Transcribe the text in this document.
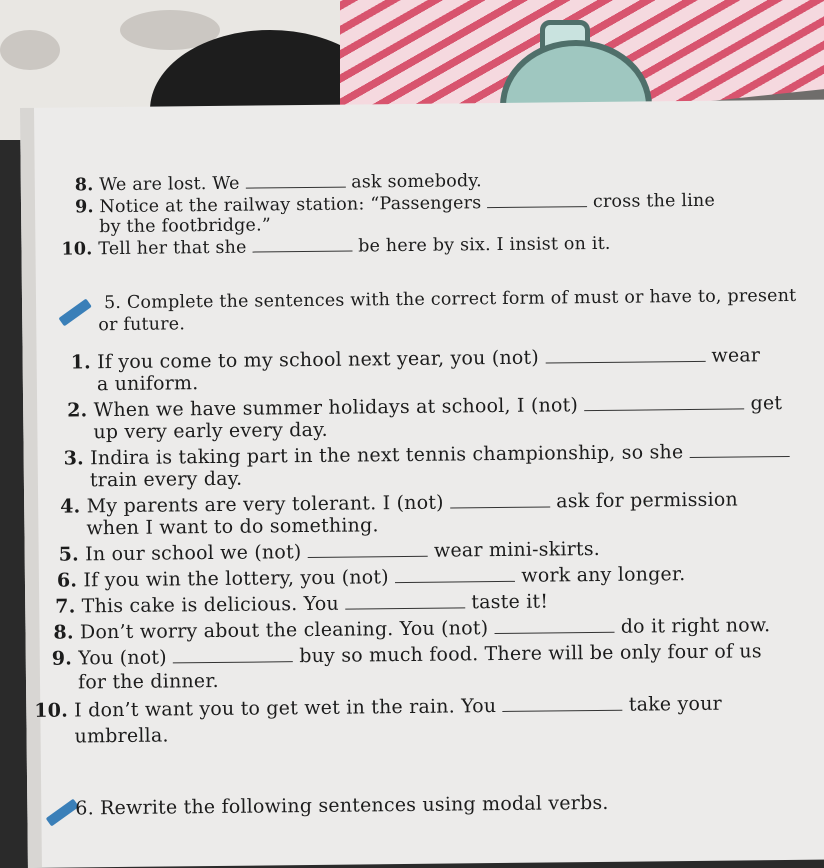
8. We are lost. We	ask somebody.
9. Notice at the railway station: “Passengers	cross the line
by the footbridge.”
10. Tell her that she	be here by six. I insist on it.
5. Complete the sentences with the correct form of must or have to, present
or future.
1. If you come to my school next year, you (not)	wear
a uniform.
2. When we have summer holidays at school, I (not)	get
up very early every day.
3. Indira is taking part in the next tennis championship, so she
train every day.
4. My parents are very tolerant. I (not)	ask for permission
when I want to do something.
5. In our school we (not)	wear mini-skirts.
6. If you win the lottery, you (not)	work any longer.
7. This cake is delicious. You	taste it!
8. Don’t worry about the cleaning. You (not)	do it right now.
9. You (not)	buy so much food. There will be only four of us
for the dinner.
10. I don’t want you to get wet in the rain. You	take your
umbrella.
6. Rewrite the following sentences using modal verbs.
